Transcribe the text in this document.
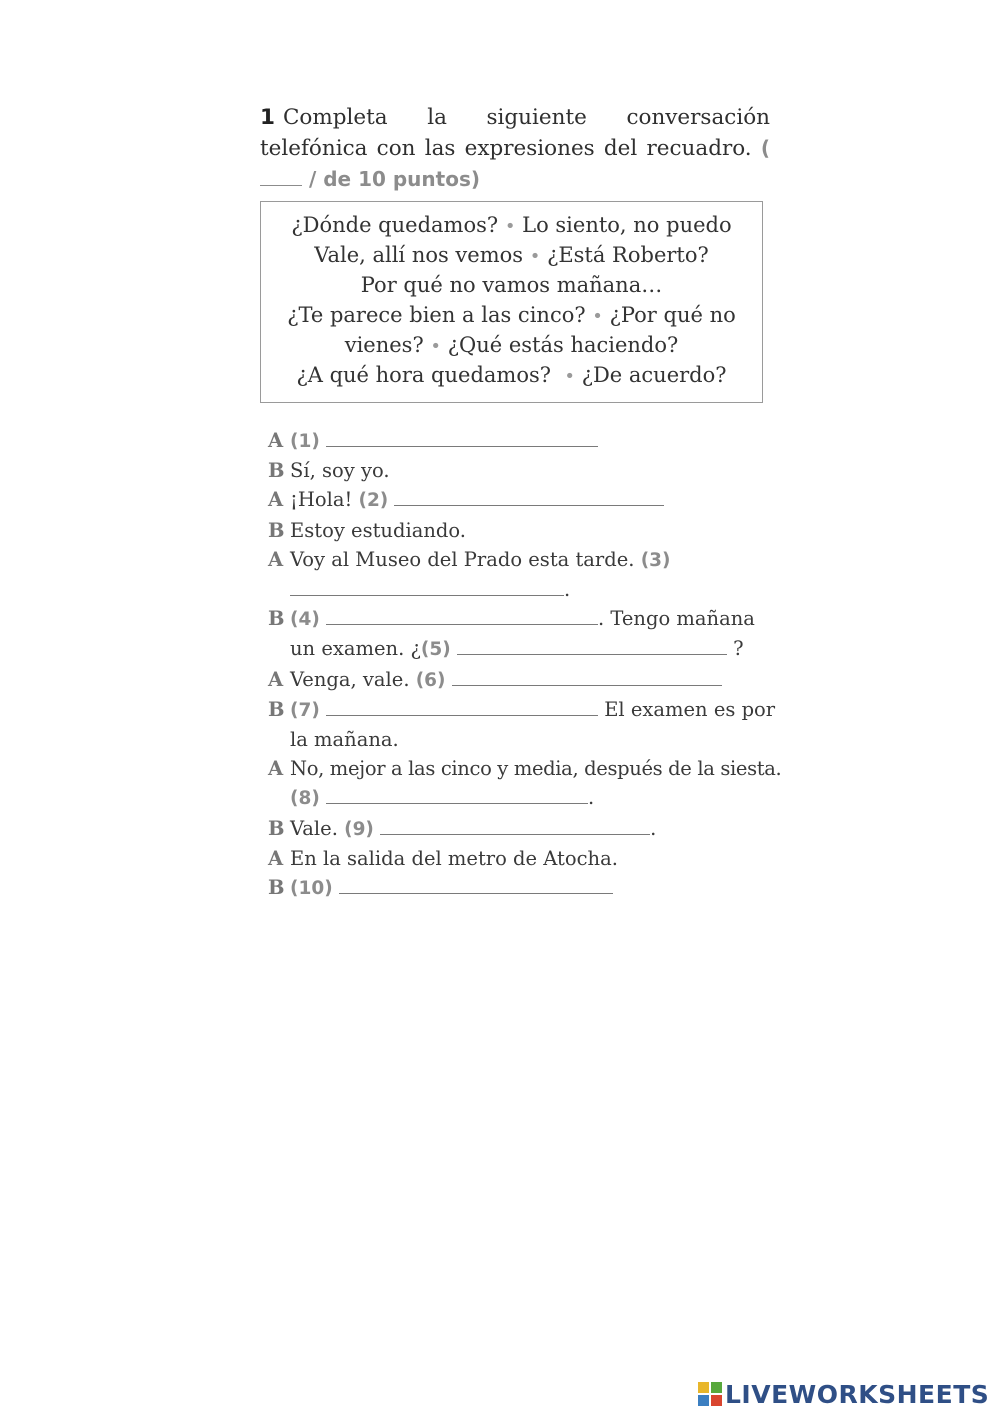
1 Completa la siguiente conversación telefónica con las expresiones del recuadro. ( / de 10 puntos)
¿Dónde quedamos? • Lo siento, no puedo
Vale, allí nos vemos • ¿Está Roberto?
Por qué no vamos mañana…
¿Te parece bien a las cinco? • ¿Por qué no
vienes? • ¿Qué estás haciendo?
¿A qué hora quedamos? • ¿De acuerdo?
A (1)
B Sí, soy yo.
A ¡Hola! (2)
B Estoy estudiando.
A Voy al Museo del Prado esta tarde. (3)
.
B (4)	. Tengo mañana
un examen. ¿(5)	?
A Venga, vale. (6)
B (7)	El examen es por
la mañana.
A No, mejor a las cinco y media, después de la siesta.
(8)	.
B Vale. (9)	.
A En la salida del metro de Atocha.
B (10)
LIVEWORKSHEETS
